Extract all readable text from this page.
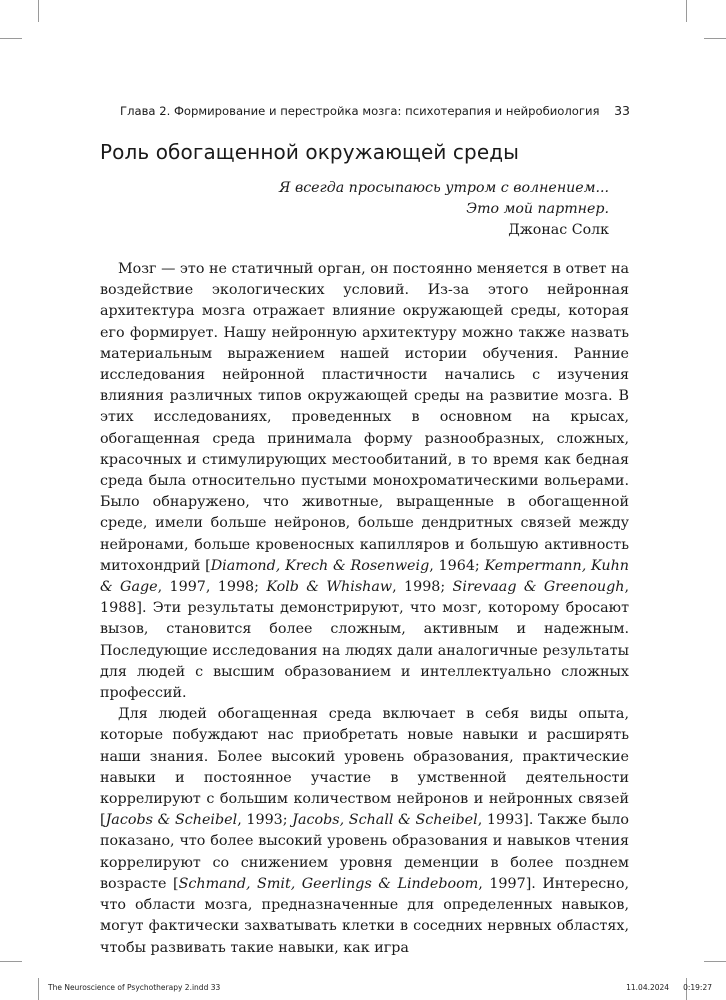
Глава 2. Формирование и перестройка мозга: психотерапия и нейробиология 33
Роль обогащенной окружающей среды
Я всегда просыпаюсь утром с волнением...
Это мой партнер.
Джонас Солк

Мозг — это не статичный орган, он постоянно меняется в ответ на воздействие экологических условий. Из-за этого нейронная архитектура мозга отражает влияние окружающей среды, которая его формирует. Нашу нейронную архитектуру можно также назвать материальным выражением нашей истории обучения. Ранние исследования нейронной пластичности начались с изучения влияния различных типов окружающей среды на развитие мозга. В этих исследованиях, проведенных в основном на крысах, обогащенная среда принимала форму разнообразных, сложных, красочных и стимулирующих местообитаний, в то время как бедная среда была относительно пустыми монохроматическими вольерами. Было обнаружено, что животные, выращенные в обогащенной среде, имели больше нейронов, больше дендритных связей между нейронами, больше кровеносных капилляров и большую активность митохондрий [Diamond, Krech & Rosenweig, 1964; Kempermann, Kuhn & Gage, 1997, 1998; Kolb & Whishaw, 1998; Sirevaag & Greenough, 1988]. Эти результаты демонстрируют, что мозг, которому бросают вызов, становится более сложным, активным и надежным. Последующие исследования на людях дали аналогичные результаты для людей с высшим образованием и интеллектуально сложных профессий.

Для людей обогащенная среда включает в себя виды опыта, которые побуждают нас приобретать новые навыки и расширять наши знания. Более высокий уровень образования, практические навыки и постоянное участие в умственной деятельности коррелируют с большим количеством нейронов и нейронных связей [Jacobs & Scheibel, 1993; Jacobs, Schall & Scheibel, 1993]. Также было показано, что более высокий уровень образования и навыков чтения коррелируют со снижением уровня деменции в более позднем возрасте [Schmand, Smit, Geerlings & Lindeboom, 1997]. Интересно, что области мозга, предназначенные для определенных навыков, могут фактически захватывать клетки в соседних нервных областях, чтобы развивать такие навыки, как игра

The Neuroscience of Psychotherapy 2.indd 33	11.04.2024 0:19:27
